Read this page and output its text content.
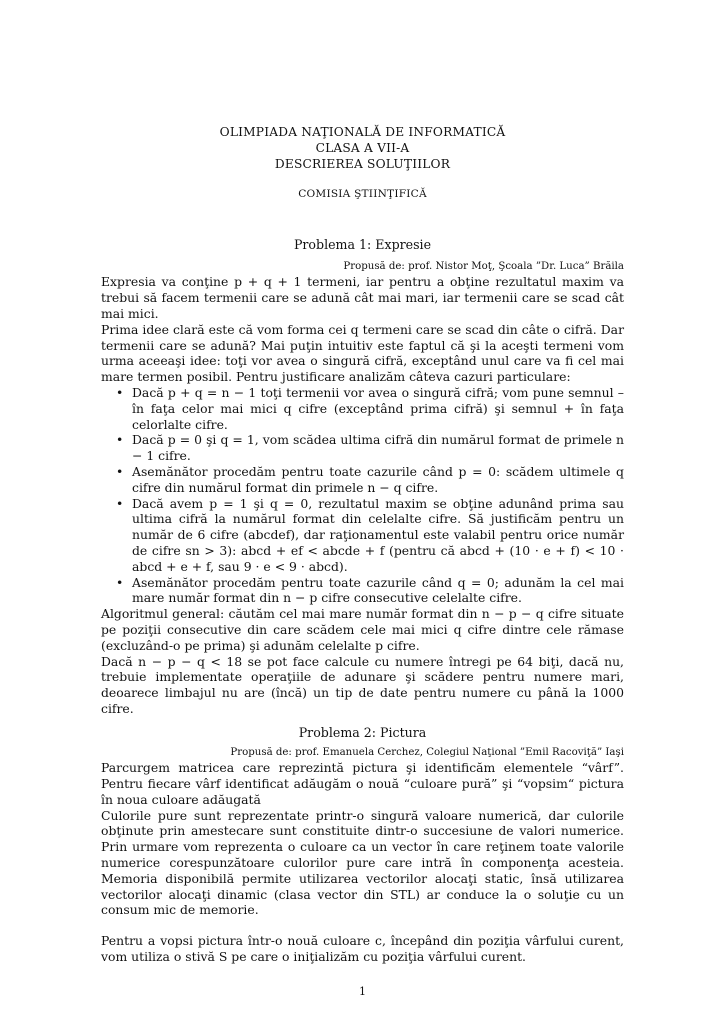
OLIMPIADA NAŢIONALĂ DE INFORMATICĂ
CLASA A VII-A
DESCRIEREA SOLUŢIILOR
COMISIA ŞTIINŢIFICĂ
Problema 1: Expresie
Propusă de: prof. Nistor Moţ, Şcoala ”Dr. Luca” Brăila

Expresia va conţine p + q + 1 termeni, iar pentru a obţine rezultatul maxim va trebui să facem termenii care se adună cât mai mari, iar termenii care se scad cât mai mici.

Prima idee clară este că vom forma cei q termeni care se scad din câte o cifră. Dar termenii care se adună? Mai puţin intuitiv este faptul că şi la aceşti termeni vom urma aceeaşi idee: toţi vor avea o singură cifră, exceptând unul care va fi cel mai mare termen posibil. Pentru justificare analizăm câteva cazuri particulare:

• Dacă p + q = n − 1 toţi termenii vor avea o singură cifră; vom pune semnul – în faţa celor mai mici q cifre (exceptând prima cifră) şi semnul + în faţa celorlalte cifre.
• Dacă p = 0 şi q = 1, vom scădea ultima cifră din numărul format de primele n − 1 cifre.
• Asemănător procedăm pentru toate cazurile când p = 0: scădem ultimele q cifre din numărul format din primele n − q cifre.
• Dacă avem p = 1 şi q = 0, rezultatul maxim se obţine adunând prima sau ultima cifră la numărul format din celelalte cifre. Să justificăm pentru un număr de 6 cifre (abcdef), dar raţionamentul este valabil pentru orice număr de cifre sn > 3): abcd + ef < abcde + f (pentru că abcd + (10 · e + f) < 10 · abcd + e + f, sau 9 · e < 9 · abcd).
• Asemănător procedăm pentru toate cazurile când q = 0; adunăm la cel mai mare număr format din n − p cifre consecutive celelalte cifre.

Algoritmul general: căutăm cel mai mare număr format din n − p − q cifre situate pe poziţii consecutive din care scădem cele mai mici q cifre dintre cele rămase (excluzând-o pe prima) şi adunăm celelalte p cifre.

Dacă n − p − q < 18 se pot face calcule cu numere întregi pe 64 biţi, dacă nu, trebuie implementate operaţiile de adunare şi scădere pentru numere mari, deoarece limbajul nu are (încă) un tip de date pentru numere cu până la 1000 cifre.

Problema 2: Pictura
Propusă de: prof. Emanuela Cerchez, Colegiul Naţional ”Emil Racoviţă” Iaşi

Parcurgem matricea care reprezintă pictura şi identificăm elementele “vârf”. Pentru fiecare vârf identificat adăugăm o nouă “culoare pură” şi “vopsim“ pictura în noua culoare adăugată

Culorile pure sunt reprezentate printr-o singură valoare numerică, dar culorile obţinute prin amestecare sunt constituite dintr-o succesiune de valori numerice. Prin urmare vom reprezenta o culoare ca un vector în care reţinem toate valorile numerice corespunzătoare culorilor pure care intră în componenţa acesteia. Memoria disponibilă permite utilizarea vectorilor alocaţi static, însă utilizarea vectorilor alocaţi dinamic (clasa vector din STL) ar conduce la o soluţie cu un consum mic de memorie.

Pentru a vopsi pictura într-o nouă culoare c, începând din poziţia vârfului curent, vom utiliza o stivă S pe care o iniţializăm cu poziţia vârfului curent.

1
